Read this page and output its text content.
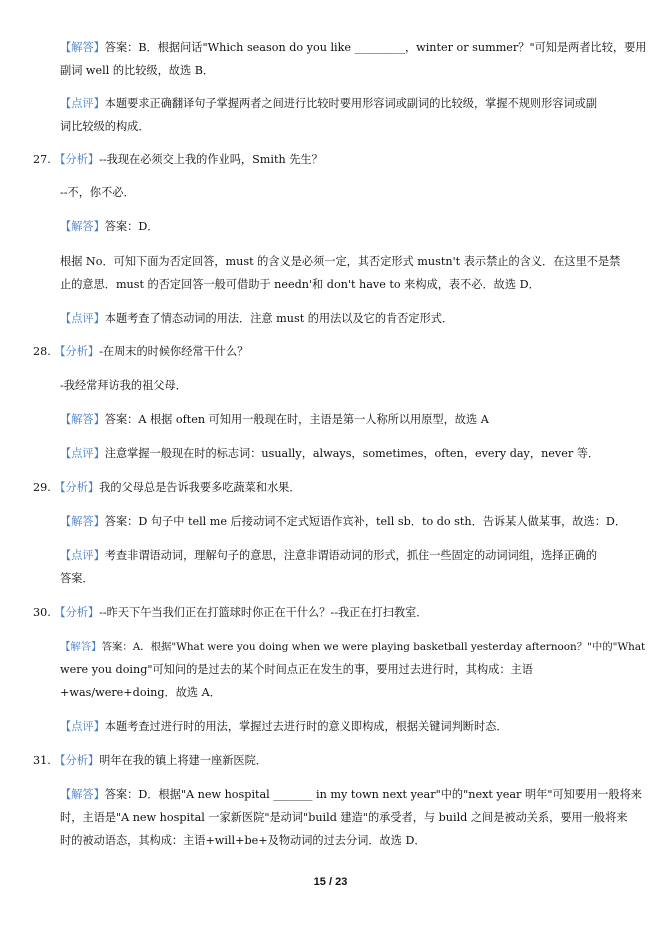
【解答】答案：B．根据问话"Which season do you like _________，winter or summer？"可知是两者比较，要用
副词 well 的比较级，故选 B．
【点评】本题要求正确翻译句子掌握两者之间进行比较时要用形容词或副词的比较级，掌握不规则形容词或副
词比较级的构成．
27. 【分析】--我现在必须交上我的作业吗，Smith 先生？
--不，你不必．
【解答】答案：D．
根据 No．可知下面为否定回答，must 的含义是必须一定，其否定形式 mustn't 表示禁止的含义．在这里不是禁
止的意思．must 的否定回答一般可借助于 needn'和 don't have to 来构成，表不必．故选 D．
【点评】本题考查了情态动词的用法．注意 must 的用法以及它的肯否定形式．
28. 【分析】-在周末的时候你经常干什么？
-我经常拜访我的祖父母．
【解答】答案：A 根据 often 可知用一般现在时，主语是第一人称所以用原型，故选 A
【点评】注意掌握一般现在时的标志词：usually，always，sometimes，often，every day，never 等．
29. 【分析】我的父母总是告诉我要多吃蔬菜和水果．
【解答】答案：D 句子中 tell me 后接动词不定式短语作宾补，tell sb．to do sth．告诉某人做某事，故选：D．
【点评】考查非谓语动词，理解句子的意思，注意非谓语动词的形式，抓住一些固定的动词词组，选择正确的
答案．
30. 【分析】--昨天下午当我们正在打篮球时你正在干什么？--我正在打扫教室．
【解答】答案：A．根据"What were you doing when we were playing basketball yesterday afternoon？"中的"What
were you doing"可知问的是过去的某个时间点正在发生的事，要用过去进行时，其构成：主语
+was/were+doing．故选 A．
【点评】本题考查过进行时的用法，掌握过去进行时的意义即构成，根据关键词判断时态．
31. 【分析】明年在我的镇上将建一座新医院．
【解答】答案：D．根据"A new hospital _______ in my town next year"中的"next year 明年"可知要用一般将来
时，主语是"A new hospital 一家新医院"是动词"build 建造"的承受者，与 build 之间是被动关系，要用一般将来
时的被动语态，其构成：主语+will+be+及物动词的过去分词．故选 D．
15 / 23
